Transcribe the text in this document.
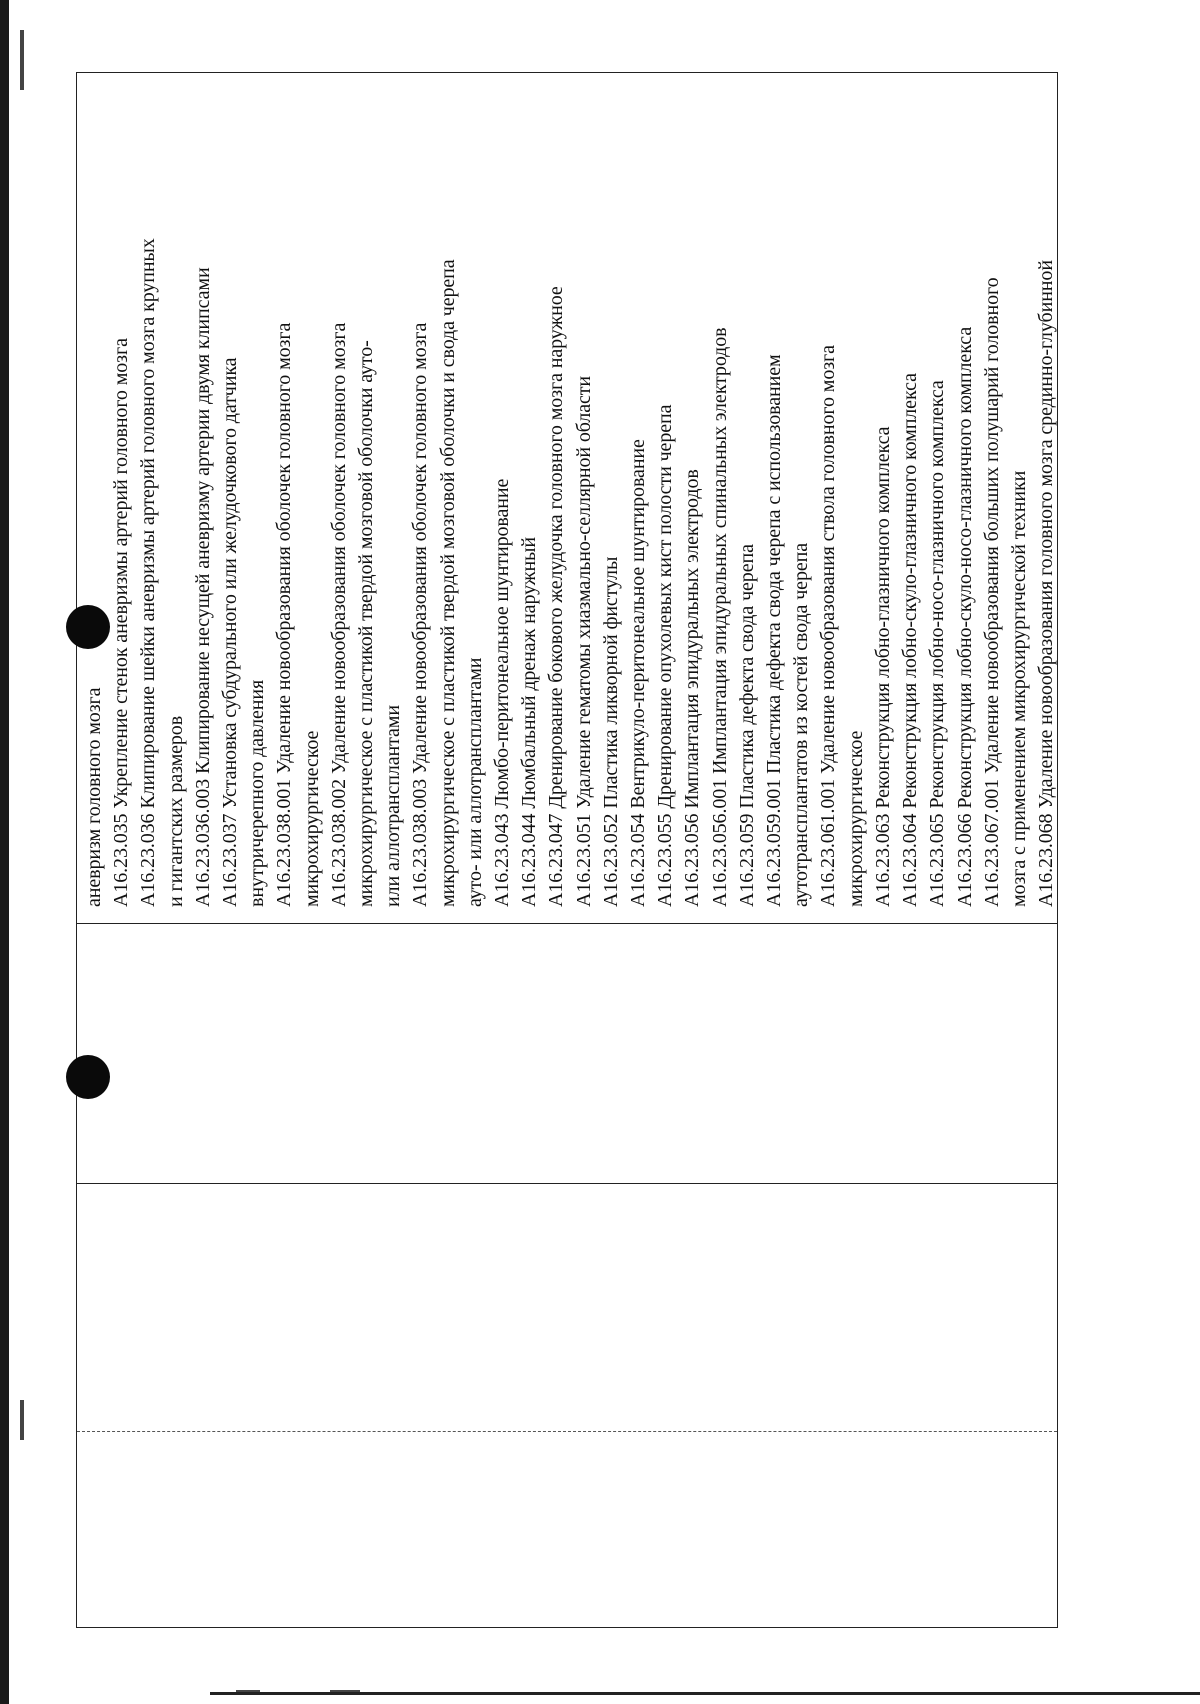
аневризм головного мозга A16.23.035 Укрепление стенок аневризмы артерий головного мозга A16.23.036 Клипирование шейки аневризмы артерий головного мозга крупных и гигантских размеров A16.23.036.003 Клипирование несущей аневризму артерии двумя клипсами A16.23.037 Установка субдурального или желудочкового датчика внутричерепного давления A16.23.038.001 Удаление новообразования оболочек головного мозга микрохирургическое A16.23.038.002 Удаление новообразования оболочек головного мозга микрохирургическое с пластикой твердой мозговой оболочки ауто- или аллотрансплантами A16.23.038.003 Удаление новообразования оболочек головного мозга микрохирургическое с пластикой твердой мозговой оболочки и свода черепа ауто- или аллотрансплантами A16.23.043 Люмбо-перитонеальное шунтирование A16.23.044 Люмбальный дренаж наружный A16.23.047 Дренирование бокового желудочка головного мозга наружное A16.23.051 Удаление гематомы хиазмально-селлярной области A16.23.052 Пластика ликворной фистулы A16.23.054 Вентрикуло-перитонеальное шунтирование A16.23.055 Дренирование опухолевых кист полости черепа A16.23.056 Имплантация эпидуральных электродов A16.23.056.001 Имплантация эпидуральных спинальных электродов A16.23.059 Пластика дефекта свода черепа A16.23.059.001 Пластика дефекта свода черепа с использованием аутотрансплантатов из костей свода черепа A16.23.061.001 Удаление новообразования ствола головного мозга микрохирургическое A16.23.063 Реконструкция лобно-глазничного комплекса A16.23.064 Реконструкция лобно-скуло-глазничного комплекса A16.23.065 Реконструкция лобно-носо-глазничного комплекса A16.23.066 Реконструкция лобно-скуло-носо-глазничного комплекса A16.23.067.001 Удаление новообразования больших полушарий головного мозга с применением микрохирургической техники A16.23.068 Удаление новообразования головного мозга срединно-глубинной
